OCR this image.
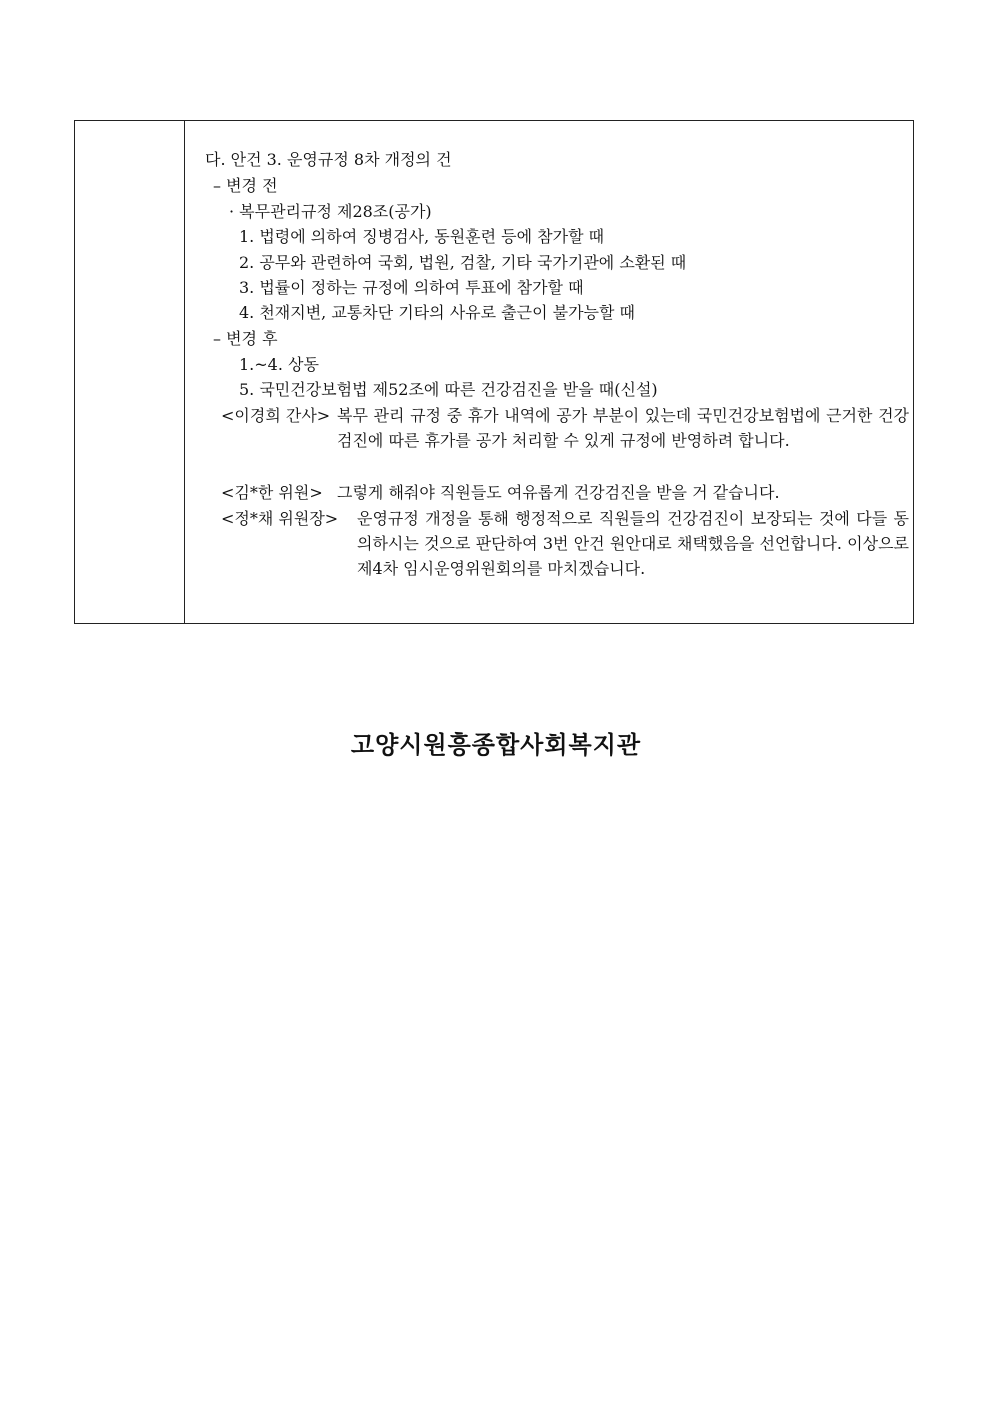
다. 안건 3. 운영규정 8차 개정의 건
– 변경 전
· 복무관리규정 제28조(공가)
1. 법령에 의하여 징병검사, 동원훈련 등에 참가할 때
2. 공무와 관련하여 국회, 법원, 검찰, 기타 국가기관에 소환된 때
3. 법률이 정하는 규정에 의하여 투표에 참가할 때
4. 천재지변, 교통차단 기타의 사유로 출근이 불가능할 때
– 변경 후
1.~4. 상동
5. 국민건강보험법 제52조에 따른 건강검진을 받을 때(신설)
<이경희 간사> 복무 관리 규정 중 휴가 내역에 공가 부분이 있는데 국민건강보험법에 근거한 건강 검진에 따른 휴가를 공가 처리할 수 있게 규정에 반영하려 합니다.
<김*한 위원> 그렇게 해줘야 직원들도 여유롭게 건강검진을 받을 거 같습니다.
<정*채 위원장>	운영규정 개정을 통해 행정적으로 직원들의 건강검진이 보장되는 것에 다들 동의하시는 것으로 판단하여 3번 안건 원안대로 채택했음을 선언합니다. 이상으로 제4차 임시운영위원회의를 마치겠습니다.
고양시원흥종합사회복지관
